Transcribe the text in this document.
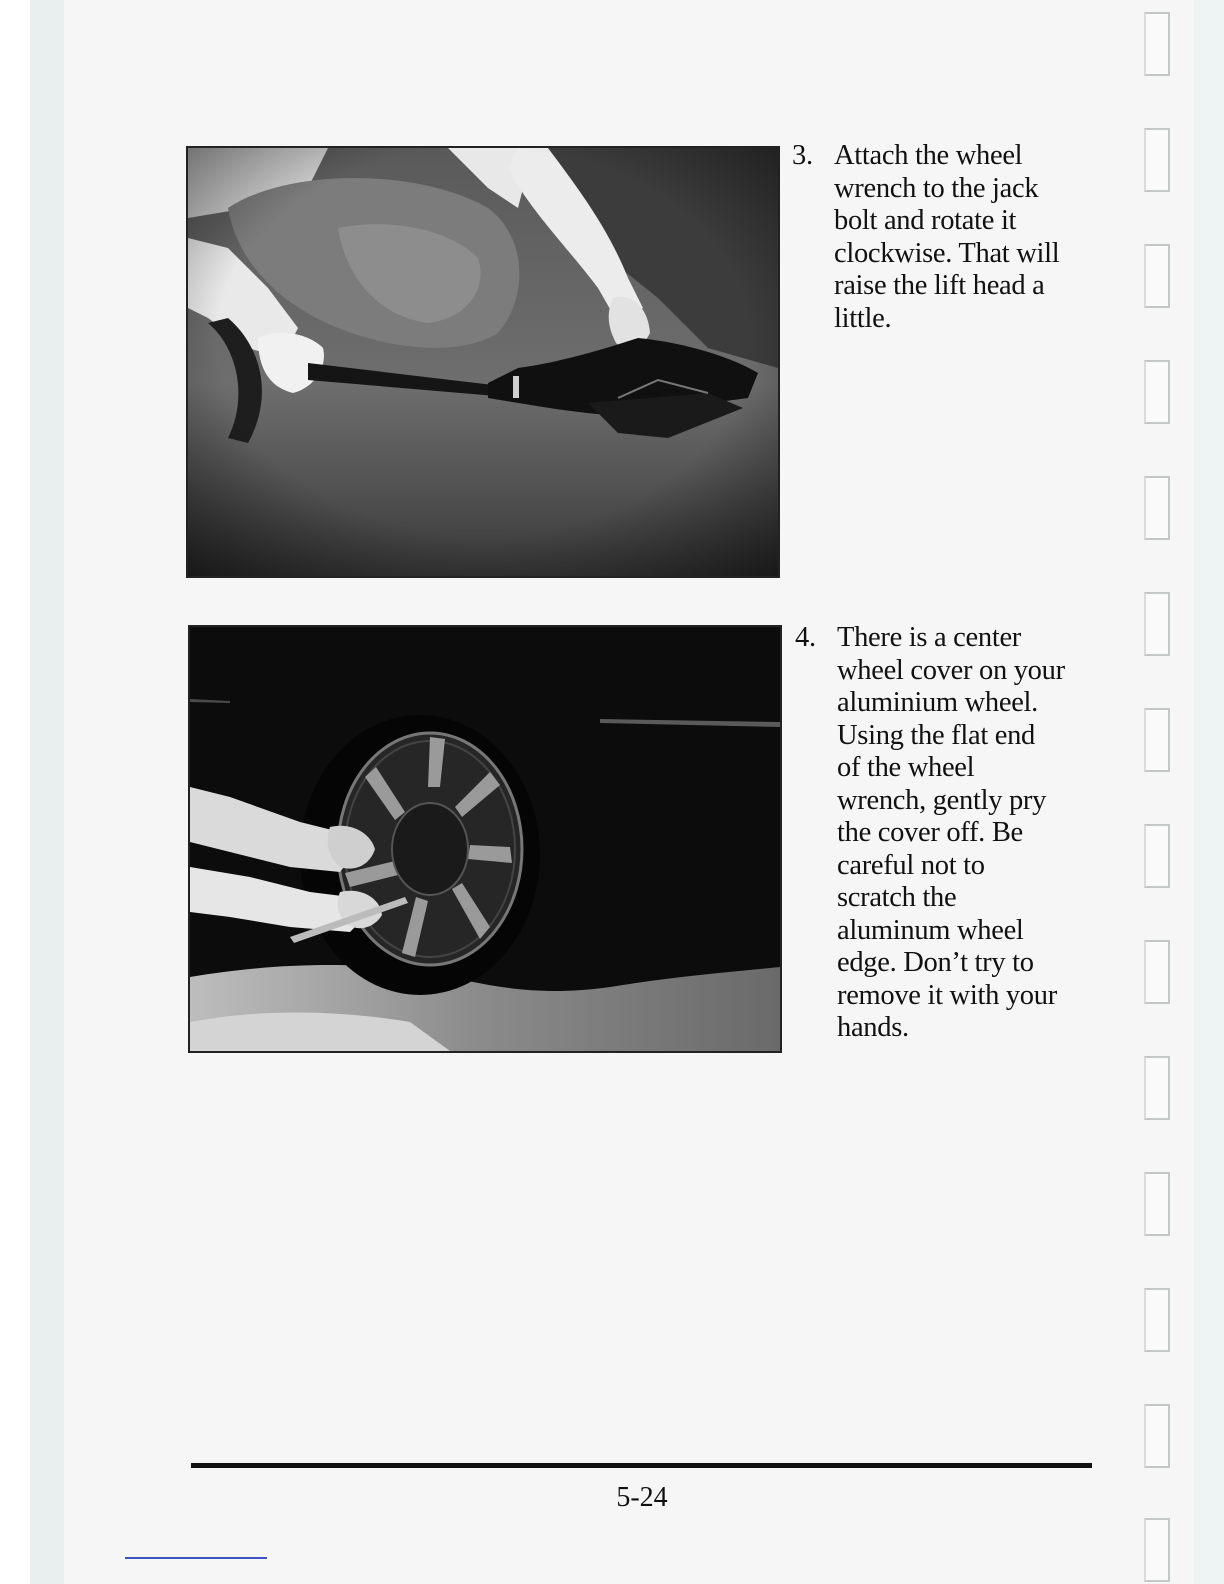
3. Attach the wheel
wrench to the jack
bolt and rotate it
clockwise. That will
raise the lift head a
little.
4. There is a center
wheel cover on your
aluminium wheel.
Using the flat end
of the wheel
wrench, gently pry
the cover off. Be
careful not to
scratch the
aluminum wheel
edge. Don’t try to
remove it with your
hands.
5-24
